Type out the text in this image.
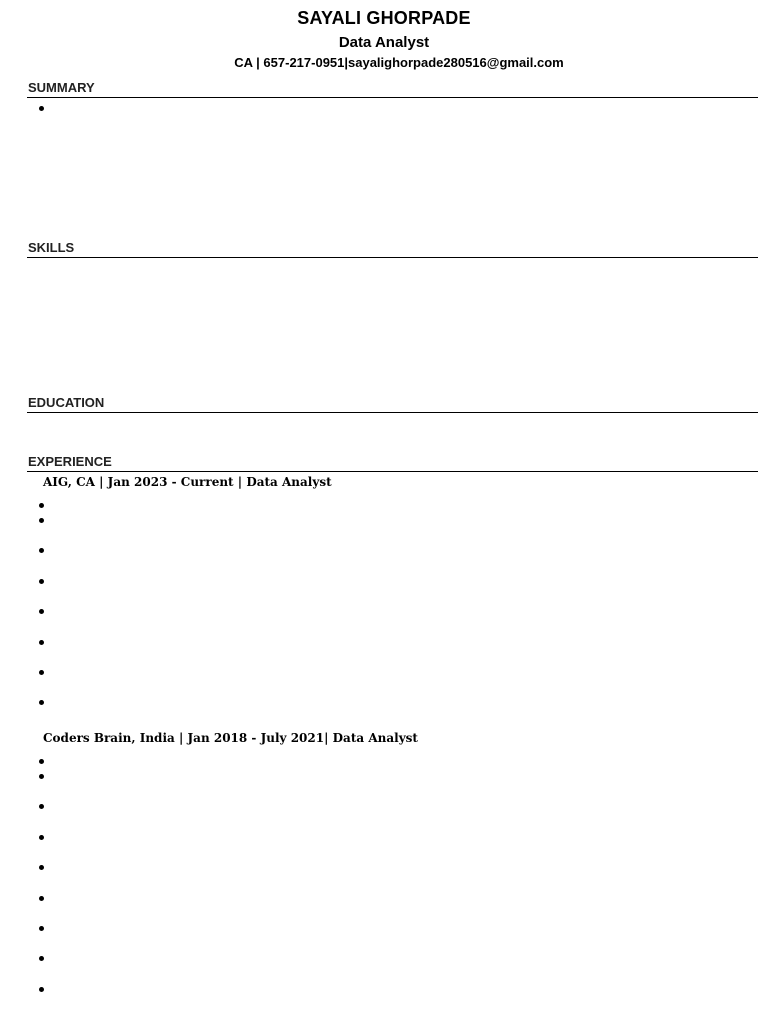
SAYALI GHORPADE
Data Analyst
CA | 657-217-0951|sayalighorpade280516@gmail.com
SUMMARY
SKILLS
EDUCATION
EXPERIENCE
AIG, CA | Jan 2023 - Current | Data Analyst
Coders Brain, India | Jan 2018 - July 2021| Data Analyst
